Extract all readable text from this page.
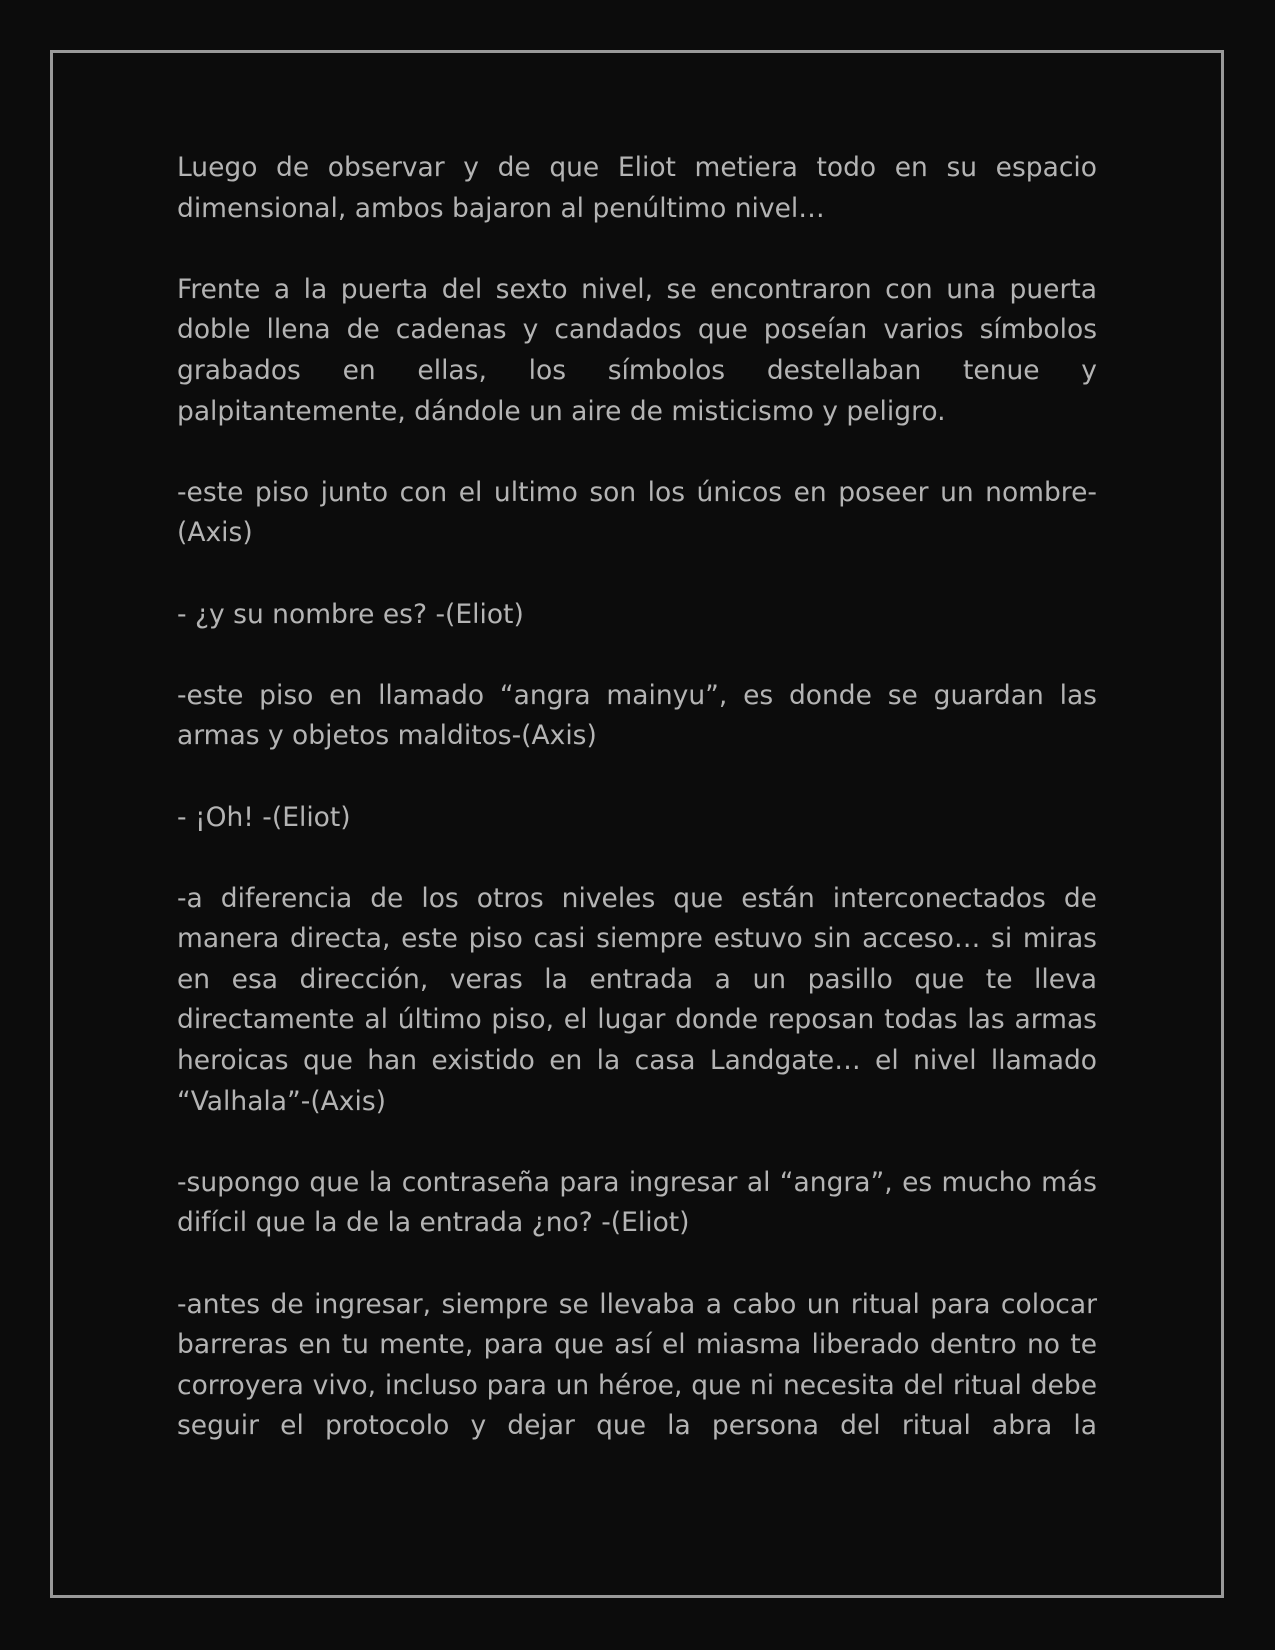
Luego de observar y de que Eliot metiera todo en su espacio dimensional, ambos bajaron al penúltimo nivel…

Frente a la puerta del sexto nivel, se encontraron con una puerta doble llena de cadenas y candados que poseían varios símbolos grabados en ellas, los símbolos destellaban tenue y palpitantemente, dándole un aire de misticismo y peligro.

-este piso junto con el ultimo son los únicos en poseer un nombre-(Axis)

- ¿y su nombre es? -(Eliot)

-este piso en llamado “angra mainyu”, es donde se guardan las armas y objetos malditos-(Axis)

- ¡Oh! -(Eliot)

-a diferencia de los otros niveles que están interconectados de manera directa, este piso casi siempre estuvo sin acceso… si miras en esa dirección, veras la entrada a un pasillo que te lleva directamente al último piso, el lugar donde reposan todas las armas heroicas que han existido en la casa Landgate… el nivel llamado “Valhala”-(Axis)

-supongo que la contraseña para ingresar al “angra”, es mucho más difícil que la de la entrada ¿no? -(Eliot)

-antes de ingresar, siempre se llevaba a cabo un ritual para colocar barreras en tu mente, para que así el miasma liberado dentro no te corroyera vivo, incluso para un héroe, que ni necesita del ritual debe seguir el protocolo y dejar que la persona del ritual abra la
